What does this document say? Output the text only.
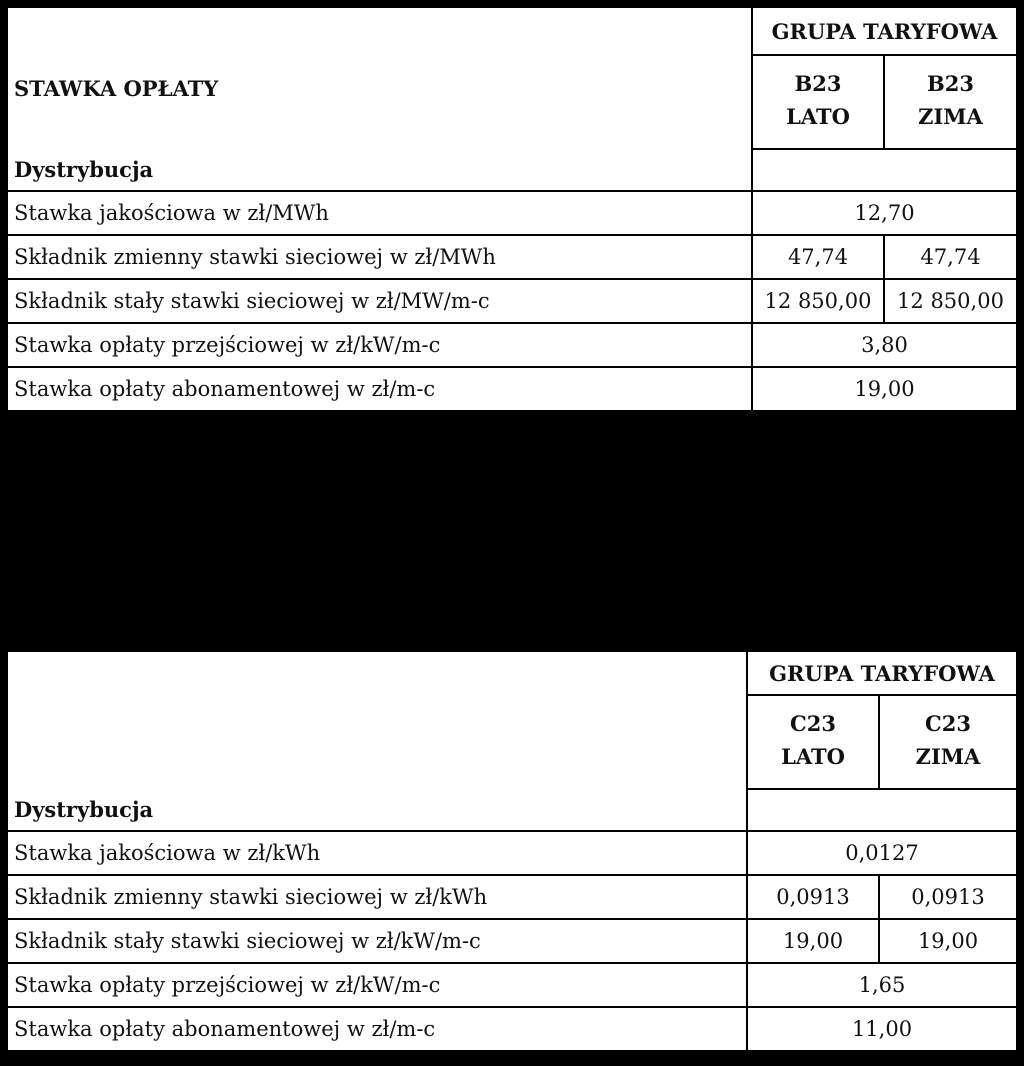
STAWKA OPŁATY	GRUPA TARYFOWA	
	B23	B23
	LATO	ZIMA
Dystrybucja		
Stawka jakościowa w zł/MWh	12,70	
Składnik zmienny stawki sieciowej w zł/MWh	47,74	47,74
Składnik stały stawki sieciowej w zł/MW/m-c	12 850,00	12 850,00
Stawka opłaty przejściowej w zł/kW/m-c	3,80	
Stawka opłaty abonamentowej w zł/m-c	19,00	
	GRUPA TARYFOWA	
	C23	C23
	LATO	ZIMA
Dystrybucja		
Stawka jakościowa w zł/kWh	0,0127	
Składnik zmienny stawki sieciowej w zł/kWh	0,0913	0,0913
Składnik stały stawki sieciowej w zł/kW/m-c	19,00	19,00
Stawka opłaty przejściowej w zł/kW/m-c	1,65	
Stawka opłaty abonamentowej w zł/m-c	11,00	
